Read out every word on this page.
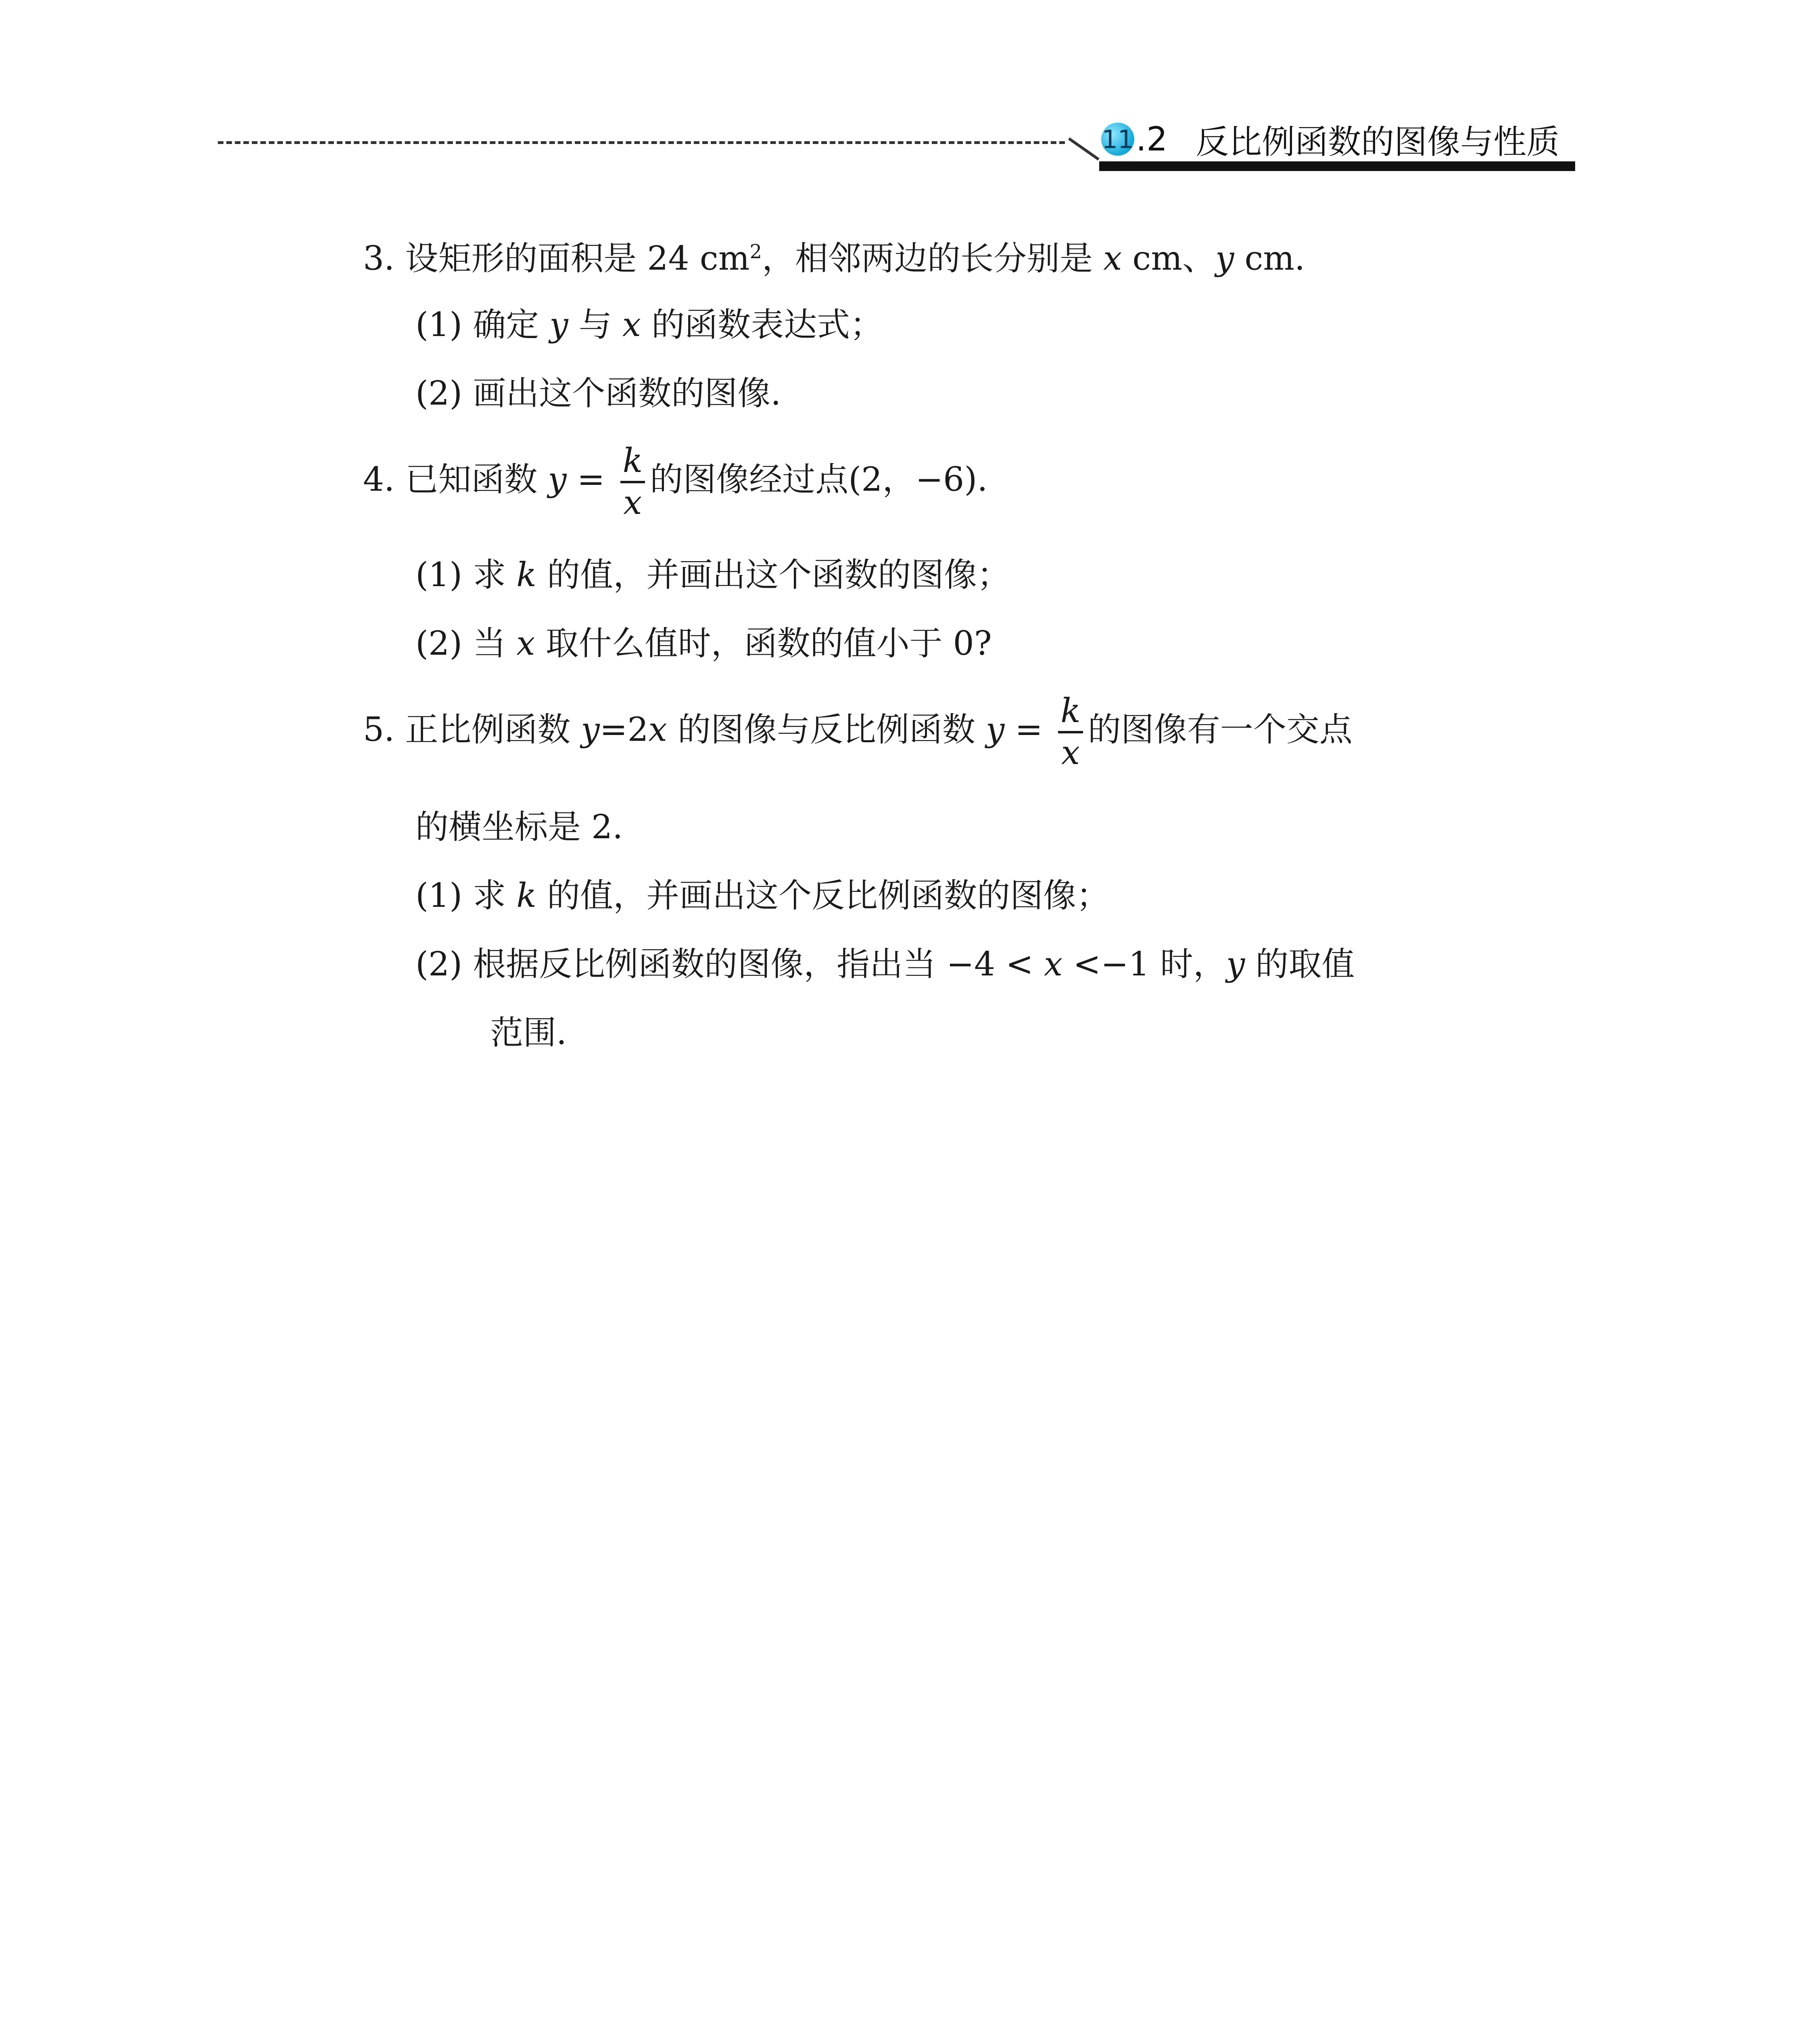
11 .2 反比例函数的图像与性质
3. 设矩形的面积是 24 $cm^2$，相邻两边的长分别是 x cm、y cm.
(1) 确定 y 与 x 的函数表达式；
(2) 画出这个函数的图像.
4. 已知函数 y = k
x
的图像经过点(2，−6).
(1) 求 k 的值，并画出这个函数的图像；
(2) 当 x 取什么值时，函数的值小于 0?
5. 正比例函数 y=2x 的图像与反比例函数 y = k
x
的图像有一个交点
的横坐标是 2.
(1) 求 k 的值，并画出这个反比例函数的图像；
(2) 根据反比例函数的图像，指出当 −4 < x <−1 时，y 的取值
范围.
